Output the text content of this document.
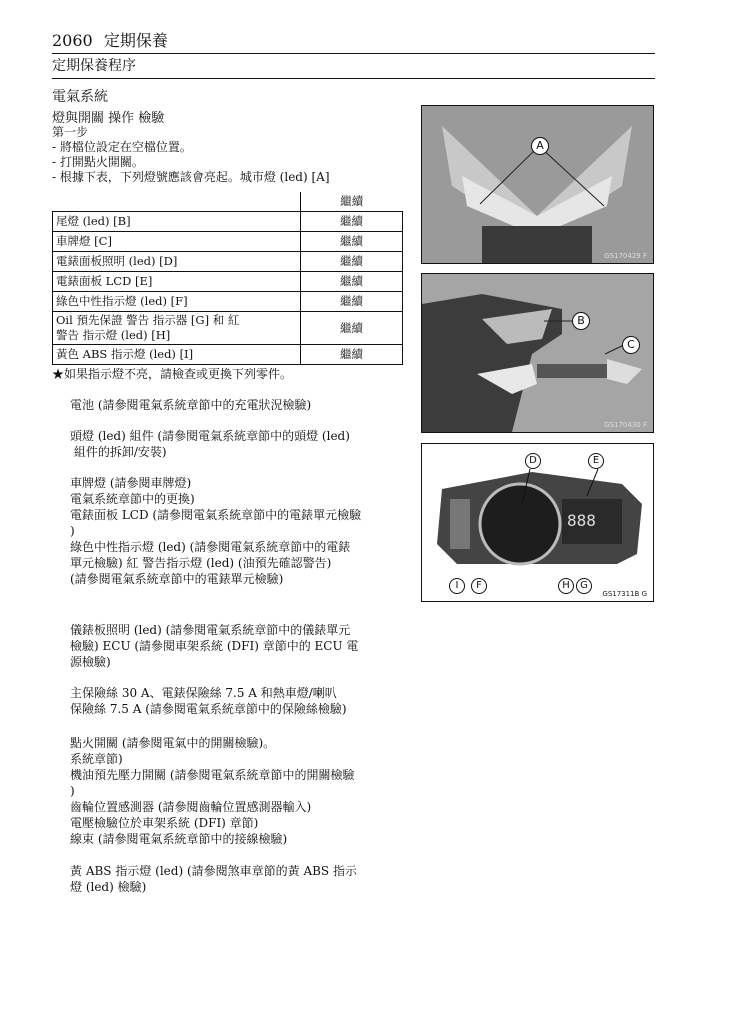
2060 定期保養
定期保養程序
電氣系統
燈與開關 操作 檢驗
第一步
- 將檔位設定在空檔位置。
- 打開點火開關。
- 根據下表，下列燈號應該會亮起。城市燈 (led) [A]
	繼續
尾燈 (led) [B]	繼續
車牌燈 [C]	繼續
電錶面板照明 (led) [D]	繼續
電錶面板 LCD [E]	繼續
綠色中性指示燈 (led) [F]	繼續
Oil 預先保證 警告 指示器 [G] 和 紅
警告 指示燈 (led) [H]	繼續
黃色 ABS 指示燈 (led) [I]	繼續
★如果指示燈不亮，請檢查或更換下列零件。
電池 (請參閱電氣系統章節中的充電狀況檢驗)
頭燈 (led) 組件 (請參閱電氣系統章節中的頭燈 (led)
組件的拆卸/安裝)
車牌燈 (請參閱車牌燈)
電氣系統章節中的更換)
電錶面板 LCD (請參閱電氣系統章節中的電錶單元檢驗
)
綠色中性指示燈 (led) (請參閱電氣系統章節中的電錶
單元檢驗) 紅 警告指示燈 (led) (油預先確認警告)
(請參閱電氣系統章節中的電錶單元檢驗)
儀錶板照明 (led) (請參閱電氣系統章節中的儀錶單元
檢驗) ECU (請參閱車架系統 (DFI) 章節中的 ECU 電
源檢驗)
主保險絲 30 A、電錶保險絲 7.5 A 和熱車燈/喇叭
保險絲 7.5 A (請參閱電氣系統章節中的保險絲檢驗)
點火開關 (請參閱電氣中的開關檢驗)。
系統章節)
機油預先壓力開關 (請參閱電氣系統章節中的開關檢驗
)
齒輪位置感測器 (請參閱齒輪位置感測器輸入)
電壓檢驗位於車架系統 (DFI) 章節)
線束 (請參閱電氣系統章節中的接線檢驗)
黃 ABS 指示燈 (led) (請參閱煞車章節的黃 ABS 指示
燈 (led) 檢驗)
A
GS170429 F
B
C
GS170430 F
888
D	E
I	F	H	G
GS17311B G
